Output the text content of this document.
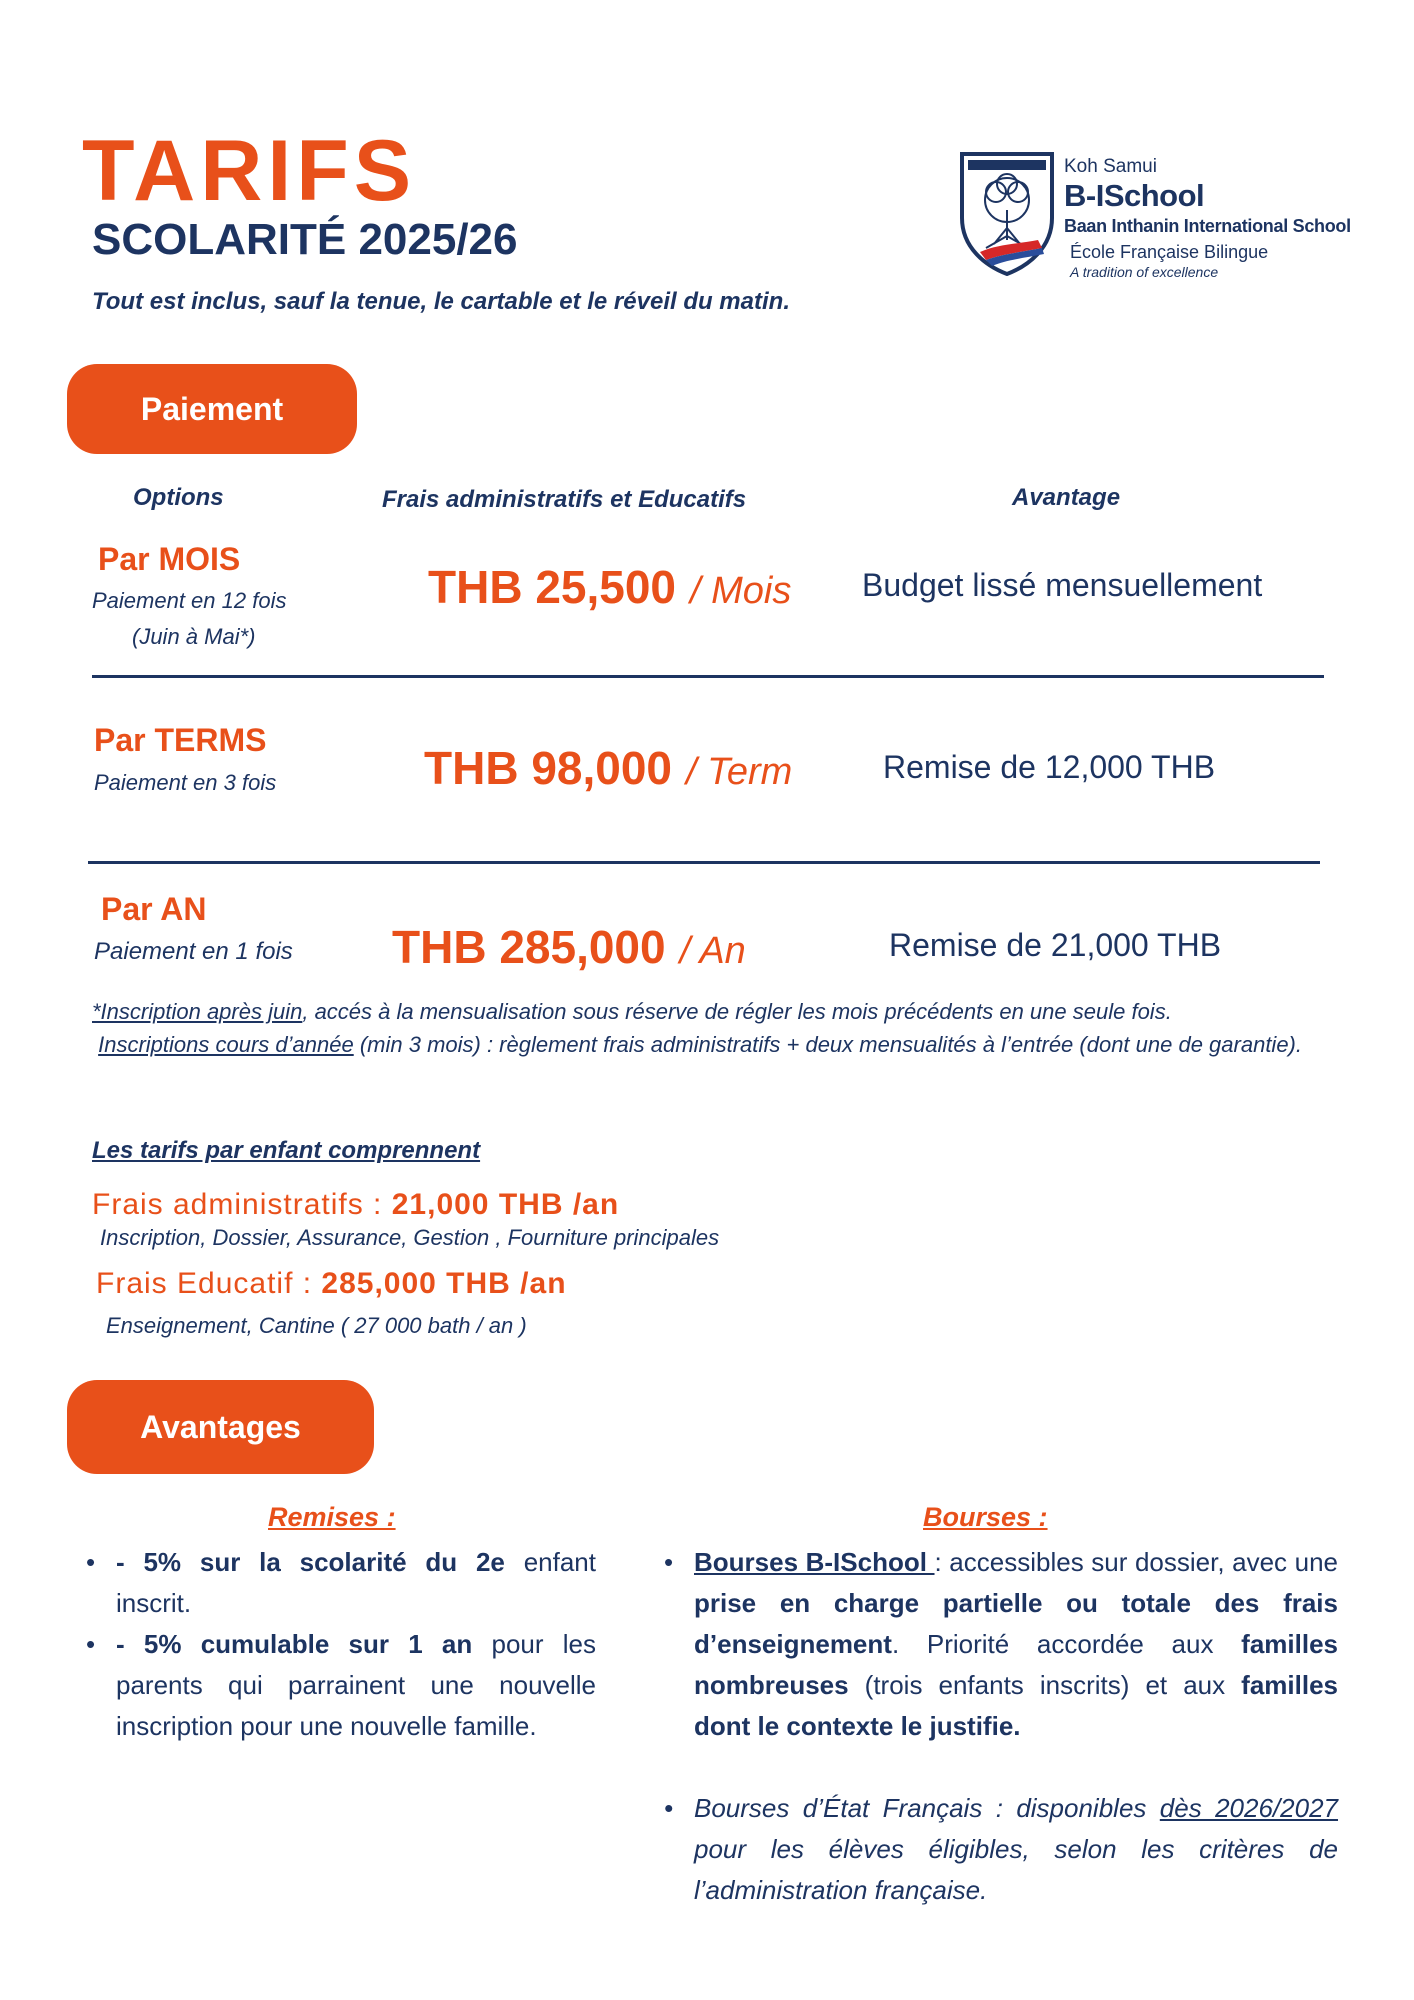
TARIFS
SCOLARITÉ 2025/26
Tout est inclus, sauf la tenue, le cartable et le réveil du matin.
Koh Samui
B-ISchool
Baan Inthanin International School
École Française Bilingue
A tradition of excellence
Paiement
Options	Frais administratifs et Educatifs	Avantage
Par MOIS
Paiement en 12 fois
(Juin à Mai*)
THB 25,500 / Mois Budget lissé mensuellement
Par TERMS
Paiement en 3 fois	THB 98,000 / Term	Remise de 12,000 THB
Par AN
Paiement en 1 fois THB 285,000 / An	Remise de 21,000 THB
*Inscription après juin, accés à la mensualisation sous réserve de régler les mois précédents en une seule fois.
Inscriptions cours d’année (min 3 mois) : règlement frais administratifs + deux mensualités à l’entrée (dont une de garantie).
Les tarifs par enfant comprennent
Frais administratifs : 21,000 THB /an
Inscription, Dossier, Assurance, Gestion , Fourniture principales
Frais Educatif : 285,000 THB /an
Enseignement, Cantine ( 27 000 bath / an )
Avantages
Remises :	Bourses :
• - 5% sur la scolarité du 2e enfant inscrit.
• - 5% cumulable sur 1 an pour les parents qui parrainent une nouvelle inscription pour une nouvelle famille.
• Bourses B-ISchool : accessibles sur dossier, avec une prise en charge partielle ou totale des frais d’enseignement. Priorité accordée aux familles nombreuses (trois enfants inscrits) et aux familles dont le contexte le justifie.
• Bourses d’État Français : disponibles dès 2026/2027 pour les élèves éligibles, selon les critères de l’administration française.
